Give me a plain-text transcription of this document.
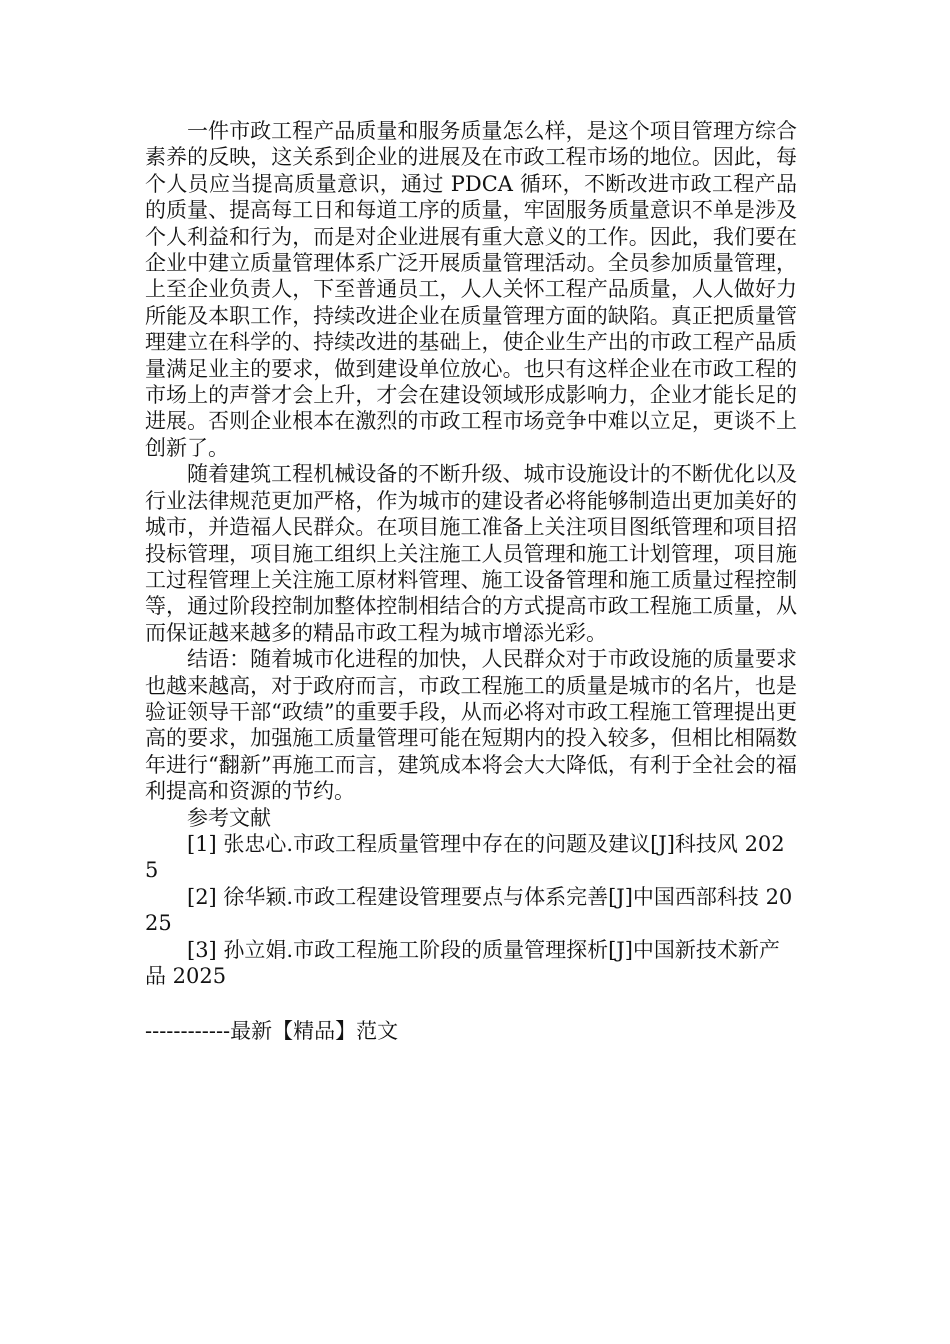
一件市政工程产品质量和服务质量怎么样，是这个项目管理方综合素养的反映，这关系到企业的进展及在市政工程市场的地位。因此，每个人员应当提高质量意识，通过 PDCA 循环，不断改进市政工程产品的质量、提高每工日和每道工序的质量，牢固服务质量意识不单是涉及个人利益和行为，而是对企业进展有重大意义的工作。因此，我们要在企业中建立质量管理体系广泛开展质量管理活动。全员参加质量管理，上至企业负责人，下至普通员工，人人关怀工程产品质量，人人做好力所能及本职工作，持续改进企业在质量管理方面的缺陷。真正把质量管理建立在科学的、持续改进的基础上，使企业生产出的市政工程产品质量满足业主的要求，做到建设单位放心。也只有这样企业在市政工程的市场上的声誉才会上升，才会在建设领域形成影响力，企业才能长足的进展。否则企业根本在激烈的市政工程市场竞争中难以立足，更谈不上创新了。

随着建筑工程机械设备的不断升级、城市设施设计的不断优化以及行业法律规范更加严格，作为城市的建设者必将能够制造出更加美好的城市，并造福人民群众。在项目施工准备上关注项目图纸管理和项目招投标管理，项目施工组织上关注施工人员管理和施工计划管理，项目施工过程管理上关注施工原材料管理、施工设备管理和施工质量过程控制等，通过阶段控制加整体控制相结合的方式提高市政工程施工质量，从而保证越来越多的精品市政工程为城市增添光彩。

结语：随着城市化进程的加快，人民群众对于市政设施的质量要求也越来越高，对于政府而言，市政工程施工的质量是城市的名片，也是验证领导干部“政绩”的重要手段，从而必将对市政工程施工管理提出更高的要求，加强施工质量管理可能在短期内的投入较多，但相比相隔数年进行“翻新”再施工而言，建筑成本将会大大降低，有利于全社会的福利提高和资源的节约。

参考文献

[1] 张忠心.市政工程质量管理中存在的问题及建议[J]科技风 2025

[2] 徐华颖.市政工程建设管理要点与体系完善[J]中国西部科技 2025

[3] 孙立娟.市政工程施工阶段的质量管理探析[J]中国新技术新产品 2025

------------最新【精品】范文
